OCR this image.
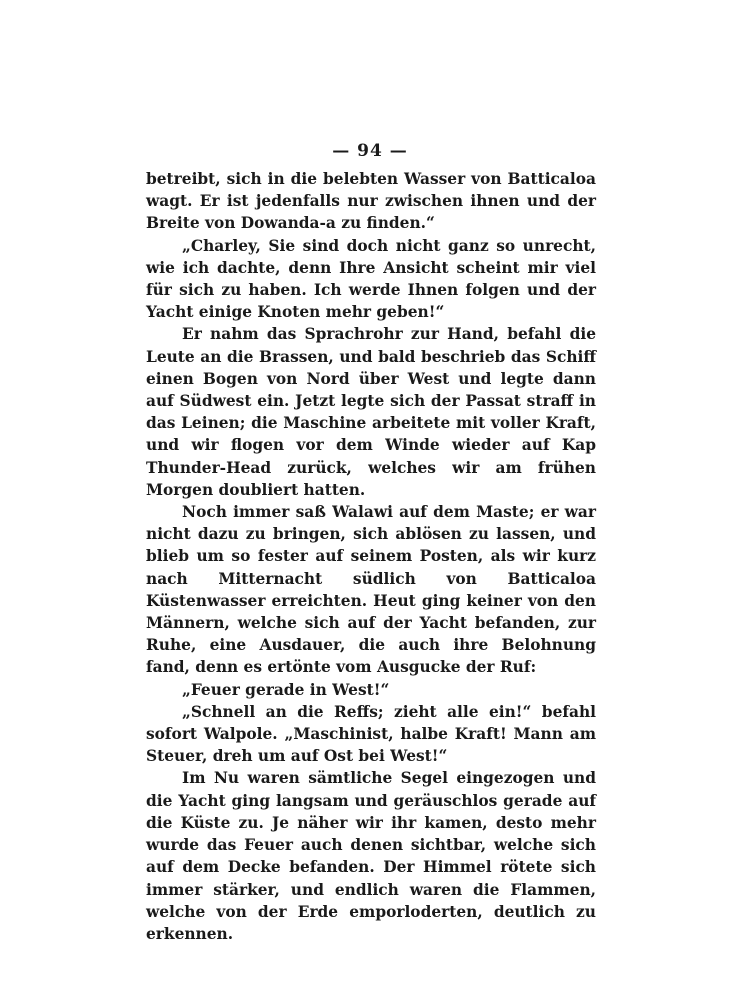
— 94 —

betreibt, sich in die belebten Wasser von Batticaloa wagt. Er ist jedenfalls nur zwischen ihnen und der Breite von Dowanda-a zu finden.“

„Charley, Sie sind doch nicht ganz so unrecht, wie ich dachte, denn Ihre Ansicht scheint mir viel für sich zu haben. Ich werde Ihnen folgen und der Yacht einige Knoten mehr geben!“

Er nahm das Sprachrohr zur Hand, befahl die Leute an die Brassen, und bald beschrieb das Schiff einen Bogen von Nord über West und legte dann auf Südwest ein. Jetzt legte sich der Passat straff in das Leinen; die Maschine arbeitete mit voller Kraft, und wir flogen vor dem Winde wieder auf Kap Thunder-Head zurück, welches wir am frühen Morgen doubliert hatten.

Noch immer saß Walawi auf dem Maste; er war nicht dazu zu bringen, sich ablösen zu lassen, und blieb um so fester auf seinem Posten, als wir kurz nach Mitternacht südlich von Batticaloa Küstenwasser erreichten. Heut ging keiner von den Männern, welche sich auf der Yacht befanden, zur Ruhe, eine Ausdauer, die auch ihre Belohnung fand, denn es ertönte vom Ausgucke der Ruf:

„Feuer gerade in West!“

„Schnell an die Reffs; zieht alle ein!“ befahl sofort Walpole. „Maschinist, halbe Kraft! Mann am Steuer, dreh um auf Ost bei West!“

Im Nu waren sämtliche Segel eingezogen und die Yacht ging langsam und geräuschlos gerade auf die Küste zu. Je näher wir ihr kamen, desto mehr wurde das Feuer auch denen sichtbar, welche sich auf dem Decke befanden. Der Himmel rötete sich immer stärker, und endlich waren die Flammen, welche von der Erde emporloderten, deutlich zu erkennen.
